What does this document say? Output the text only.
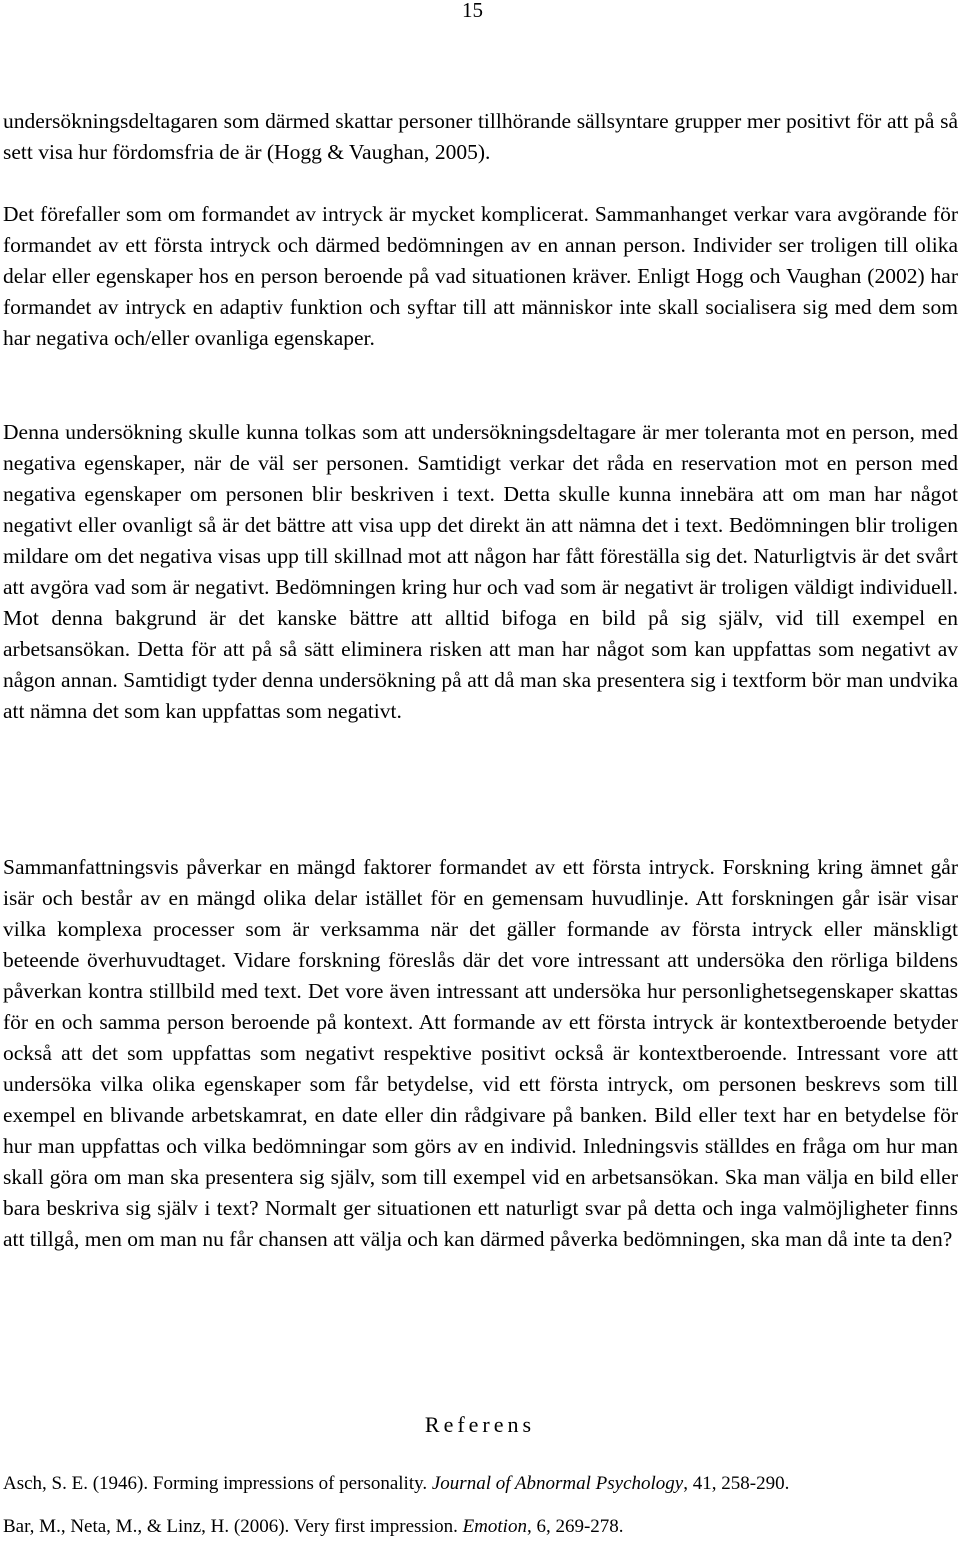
15

undersökningsdeltagaren som därmed skattar personer tillhörande sällsyntare grupper mer positivt för att på så sett visa hur fördomsfria de är (Hogg & Vaughan, 2005).

Det förefaller som om formandet av intryck är mycket komplicerat. Sammanhanget verkar vara avgörande för formandet av ett första intryck och därmed bedömningen av en annan person. Individer ser troligen till olika delar eller egenskaper hos en person beroende på vad situationen kräver. Enligt Hogg och Vaughan (2002) har formandet av intryck en adaptiv funktion och syftar till att människor inte skall socialisera sig med dem som har negativa och/eller ovanliga egenskaper.

Denna undersökning skulle kunna tolkas som att undersökningsdeltagare är mer toleranta mot en person, med negativa egenskaper, när de väl ser personen. Samtidigt verkar det råda en reservation mot en person med negativa egenskaper om personen blir beskriven i text. Detta skulle kunna innebära att om man har något negativt eller ovanligt så är det bättre att visa upp det direkt än att nämna det i text. Bedömningen blir troligen mildare om det negativa visas upp till skillnad mot att någon har fått föreställa sig det. Naturligtvis är det svårt att avgöra vad som är negativt. Bedömningen kring hur och vad som är negativt är troligen väldigt individuell. Mot denna bakgrund är det kanske bättre att alltid bifoga en bild på sig själv, vid till exempel en arbetsansökan. Detta för att på så sätt eliminera risken att man har något som kan uppfattas som negativt av någon annan. Samtidigt tyder denna undersökning på att då man ska presentera sig i textform bör man undvika att nämna det som kan uppfattas som negativt.

Sammanfattningsvis påverkar en mängd faktorer formandet av ett första intryck. Forskning kring ämnet går isär och består av en mängd olika delar istället för en gemensam huvudlinje. Att forskningen går isär visar vilka komplexa processer som är verksamma när det gäller formande av första intryck eller mänskligt beteende överhuvudtaget. Vidare forskning föreslås där det vore intressant att undersöka den rörliga bildens påverkan kontra stillbild med text. Det vore även intressant att undersöka hur personlighetsegenskaper skattas för en och samma person beroende på kontext. Att formande av ett första intryck är kontextberoende betyder också att det som uppfattas som negativt respektive positivt också är kontextberoende. Intressant vore att undersöka vilka olika egenskaper som får betydelse, vid ett första intryck, om personen beskrevs som till exempel en blivande arbetskamrat, en date eller din rådgivare på banken. Bild eller text har en betydelse för hur man uppfattas och vilka bedömningar som görs av en individ. Inledningsvis ställdes en fråga om hur man skall göra om man ska presentera sig själv, som till exempel vid en arbetsansökan. Ska man välja en bild eller bara beskriva sig själv i text? Normalt ger situationen ett naturligt svar på detta och inga valmöjligheter finns att tillgå, men om man nu får chansen att välja och kan därmed påverka bedömningen, ska man då inte ta den?

Referens
Asch, S. E. (1946). Forming impressions of personality. Journal of Abnormal Psychology, 41, 258-290.
Bar, M., Neta, M., & Linz, H. (2006). Very first impression. Emotion, 6, 269-278.
